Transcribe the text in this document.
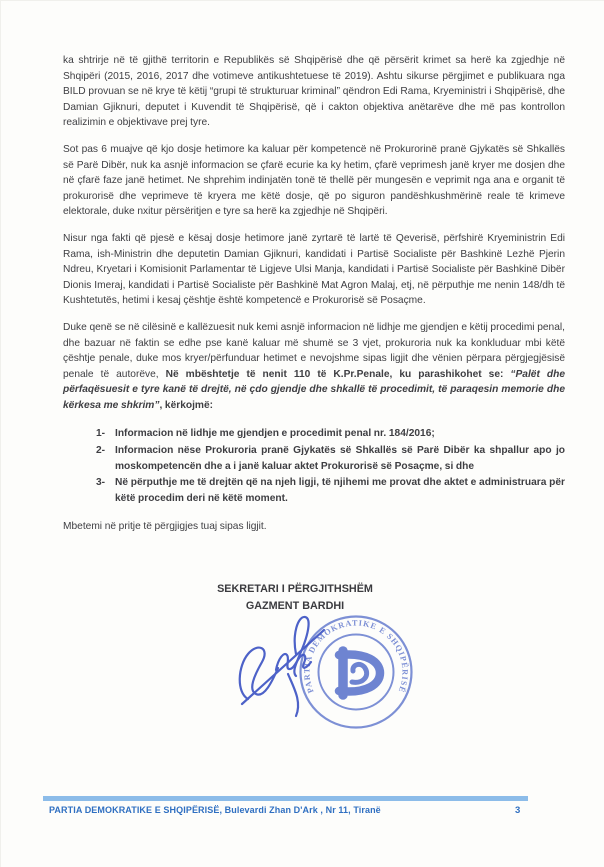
ka shtrirje në të gjithë territorin e Republikës së Shqipërisë dhe që përsërit krimet sa herë ka zgjedhje në Shqipëri (2015, 2016, 2017 dhe votimeve antikushtetuese të 2019). Ashtu sikurse përgjimet e publikuara nga BILD provuan se në krye të këtij “grupi të strukturuar kriminal” qëndron Edi Rama, Kryeministri i Shqipërisë, dhe Damian Gjiknuri, deputet i Kuvendit të Shqipërisë, që i cakton objektiva anëtarëve dhe më pas kontrollon realizimin e objektivave prej tyre.

Sot pas 6 muajve që kjo dosje hetimore ka kaluar për kompetencë në Prokurorinë pranë Gjykatës së Shkallës së Parë Dibër, nuk ka asnjë informacion se çfarë ecurie ka ky hetim, çfarë veprimesh janë kryer me dosjen dhe në çfarë faze janë hetimet. Ne shprehim indinjatën tonë të thellë për mungesën e veprimit nga ana e organit të prokurorisë dhe veprimeve të kryera me këtë dosje, që po siguron pandëshkushmërinë reale të krimeve elektorale, duke nxitur përsëritjen e tyre sa herë ka zgjedhje në Shqipëri.

Nisur nga fakti që pjesë e kësaj dosje hetimore janë zyrtarë të lartë të Qeverisë, përfshirë Kryeministrin Edi Rama, ish-Ministrin dhe deputetin Damian Gjiknuri, kandidati i Partisë Socialiste për Bashkinë Lezhë Pjerin Ndreu, Kryetari i Komisionit Parlamentar të Ligjeve Ulsi Manja, kandidati i Partisë Socialiste për Bashkinë Dibër Dionis Imeraj, kandidati i Partisë Socialiste për Bashkinë Mat Agron Malaj, etj, në përputhje me nenin 148/dh të Kushtetutës, hetimi i kesaj çështje është kompetencë e Prokurorisë së Posaçme.

Duke qenë se në cilësinë e kallëzuesit nuk kemi asnjë informacion në lidhje me gjendjen e këtij procedimi penal, dhe bazuar në faktin se edhe pse kanë kaluar më shumë se 3 vjet, prokuroria nuk ka konkluduar mbi këtë çështje penale, duke mos kryer/përfunduar hetimet e nevojshme sipas ligjit dhe vënien përpara përgjegjësisë penale të autorëve, Në mbështetje të nenit 110 të K.Pr.Penale, ku parashikohet se: “Palët dhe përfaqësuesit e tyre kanë të drejtë, në çdo gjendje dhe shkallë të procedimit, të paraqesin memorie dhe kërkesa me shkrim”, kërkojmë:

1- Informacion në lidhje me gjendjen e procedimit penal nr. 184/2016;
2- Informacion nëse Prokuroria pranë Gjykatës së Shkallës së Parë Dibër ka shpallur apo jo moskompetencën dhe a i janë kaluar aktet Prokurorisë së Posaçme, si dhe
3- Në përputhje me të drejtën që na njeh ligji, të njihemi me provat dhe aktet e administruara për këtë procedim deri në këtë moment.

Mbetemi në pritje të përgjigjes tuaj sipas ligjit.

SEKRETARI I PËRGJITHSHËM
GAZMENT BARDHI
PARTIA DEMOKRATIKE E SHQIPËRISË
PARTIA DEMOKRATIKE E SHQIPËRISË, Bulevardi Zhan D'Ark , Nr 11, Tiranë	3
